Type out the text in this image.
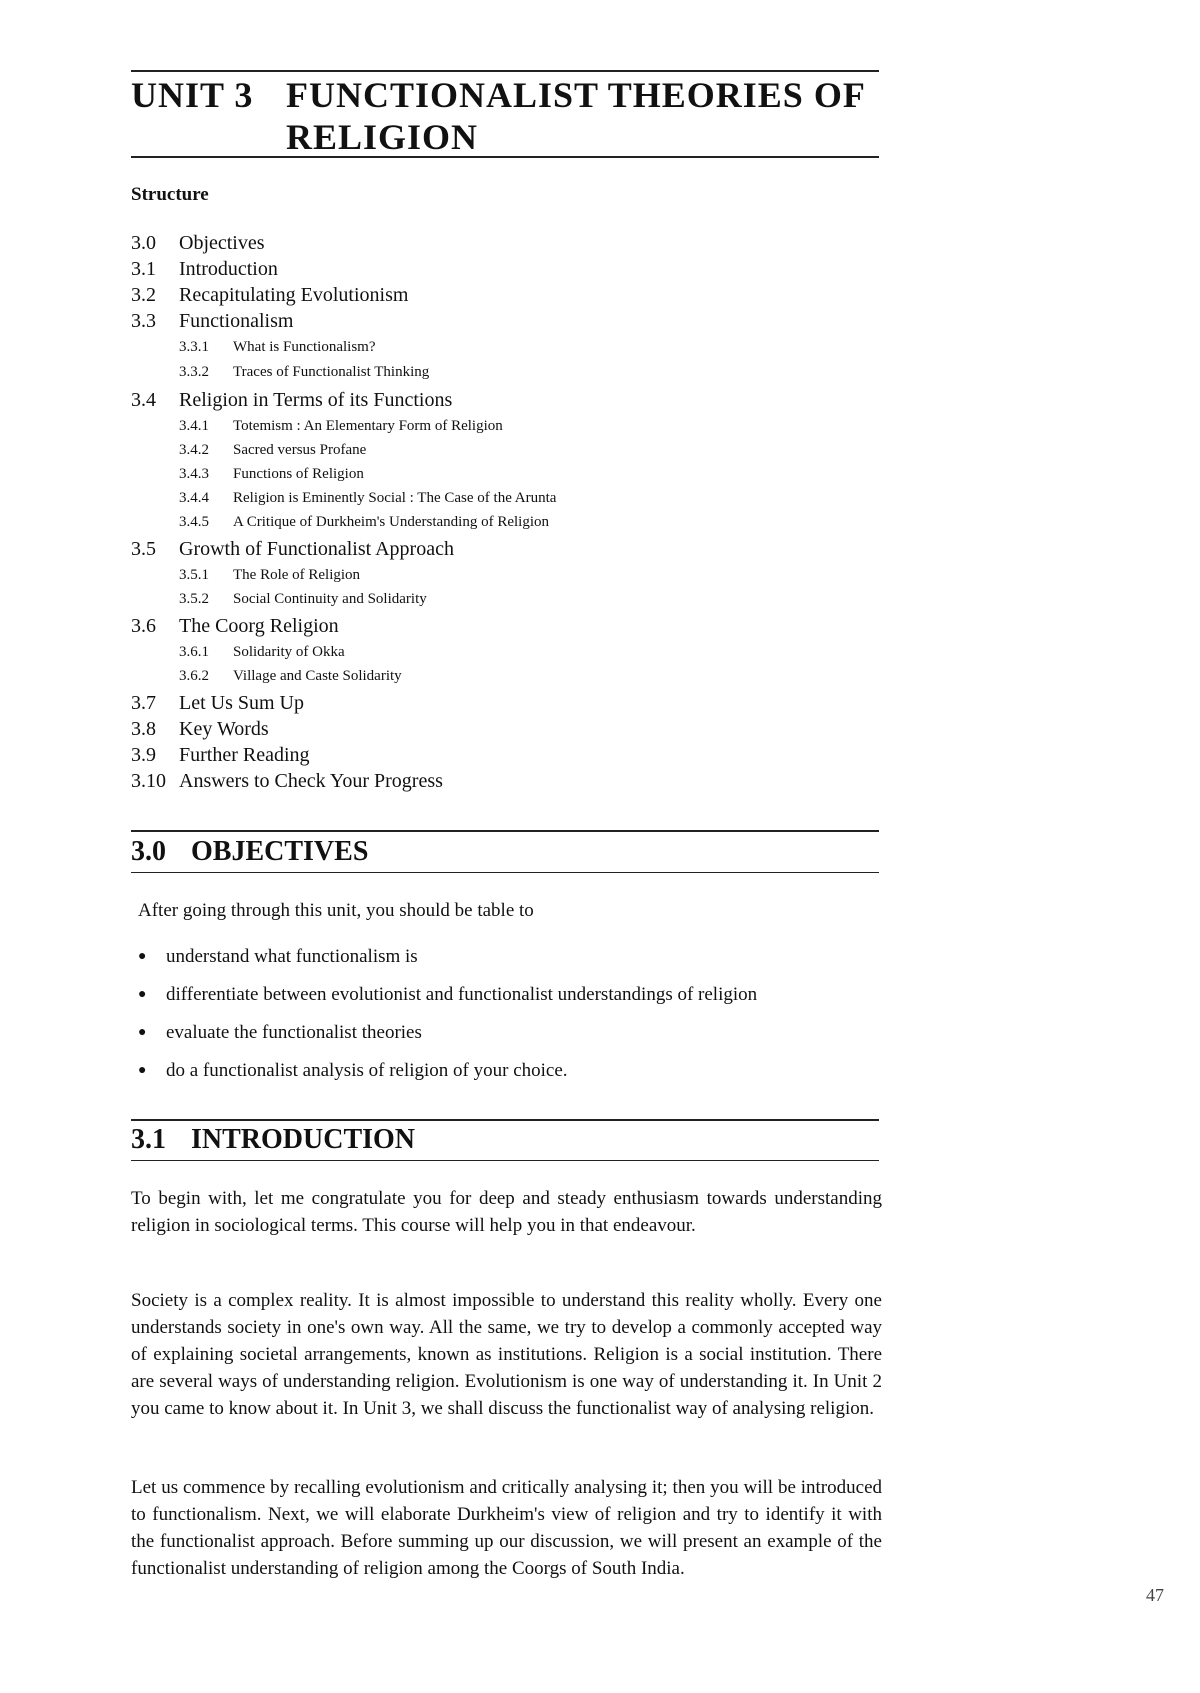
UNIT 3 FUNCTIONALIST THEORIES OF RELIGION
Structure
3.0 Objectives
3.1 Introduction
3.2 Recapitulating Evolutionism
3.3 Functionalism
3.3.1 What is Functionalism?
3.3.2 Traces of Functionalist Thinking
3.4 Religion in Terms of its Functions
3.4.1 Totemism : An Elementary Form of Religion
3.4.2 Sacred versus Profane
3.4.3 Functions of Religion
3.4.4 Religion is Eminently Social : The Case of the Arunta
3.4.5 A Critique of Durkheim's Understanding of Religion
3.5 Growth of Functionalist Approach
3.5.1 The Role of Religion
3.5.2 Social Continuity and Solidarity
3.6 The Coorg Religion
3.6.1 Solidarity of Okka
3.6.2 Village and Caste Solidarity
3.7 Let Us Sum Up
3.8 Key Words
3.9 Further Reading
3.10 Answers to Check Your Progress
3.0 OBJECTIVES
After going through this unit, you should be table to
● understand what functionalism is
● differentiate between evolutionist and functionalist understandings of religion
● evaluate the functionalist theories
● do a functionalist analysis of religion of your choice.
3.1 INTRODUCTION
To begin with, let me congratulate you for deep and steady enthusiasm towards understanding religion in sociological terms. This course will help you in that endeavour.
Society is a complex reality. It is almost impossible to understand this reality wholly. Every one understands society in one's own way. All the same, we try to develop a commonly accepted way of explaining societal arrangements, known as institutions. Religion is a social institution. There are several ways of understanding religion. Evolutionism is one way of understanding it. In Unit 2 you came to know about it. In Unit 3, we shall discuss the functionalist way of analysing religion.
Let us commence by recalling evolutionism and critically analysing it; then you will be introduced to functionalism. Next, we will elaborate Durkheim's view of religion and try to identify it with the functionalist approach. Before summing up our discussion, we will present an example of the functionalist understanding of religion among the Coorgs of South India.
47
